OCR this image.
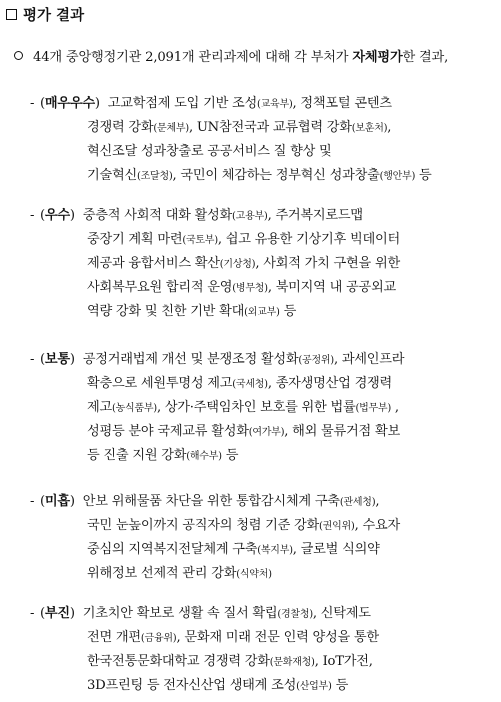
평가 결과
44개 중앙행정기관 2,091개 관리과제에 대해 각 부처가 자체평가한 결과,
- (매우우수) 고교학점제 도입 기반 조성(교육부), 정책포털 콘텐츠
경쟁력 강화(문체부), UN참전국과 교류협력 강화(보훈처),
혁신조달 성과창출로 공공서비스 질 향상 및
기술혁신(조달청), 국민이 체감하는 정부혁신 성과창출(행안부) 등
- (우수) 중층적 사회적 대화 활성화(고용부), 주거복지로드맵
중장기 계획 마련(국토부), 쉽고 유용한 기상기후 빅데이터
제공과 융합서비스 확산(기상청), 사회적 가치 구현을 위한
사회복무요원 합리적 운영(병무청), 북미지역 내 공공외교
역량 강화 및 친한 기반 확대(외교부) 등
- (보통) 공정거래법제 개선 및 분쟁조정 활성화(공정위), 과세인프라
확충으로 세원투명성 제고(국세청), 종자생명산업 경쟁력
제고(농식품부), 상가·주택임차인 보호를 위한 법률(법무부) ,
성평등 분야 국제교류 활성화(여가부), 해외 물류거점 확보
등 진출 지원 강화(해수부) 등
- (미흡) 안보 위해물품 차단을 위한 통합감시체계 구축(관세청),
국민 눈높이까지 공직자의 청렴 기준 강화(권익위), 수요자
중심의 지역복지전달체계 구축(복지부), 글로벌 식의약
위해정보 선제적 관리 강화(식약처)
- (부진) 기초치안 확보로 생활 속 질서 확립(경찰청), 신탁제도
전면 개편(금융위), 문화재 미래 전문 인력 양성을 통한
한국전통문화대학교 경쟁력 강화(문화재청), IoT가전,
3D프린팅 등 전자신산업 생태계 조성(산업부) 등
